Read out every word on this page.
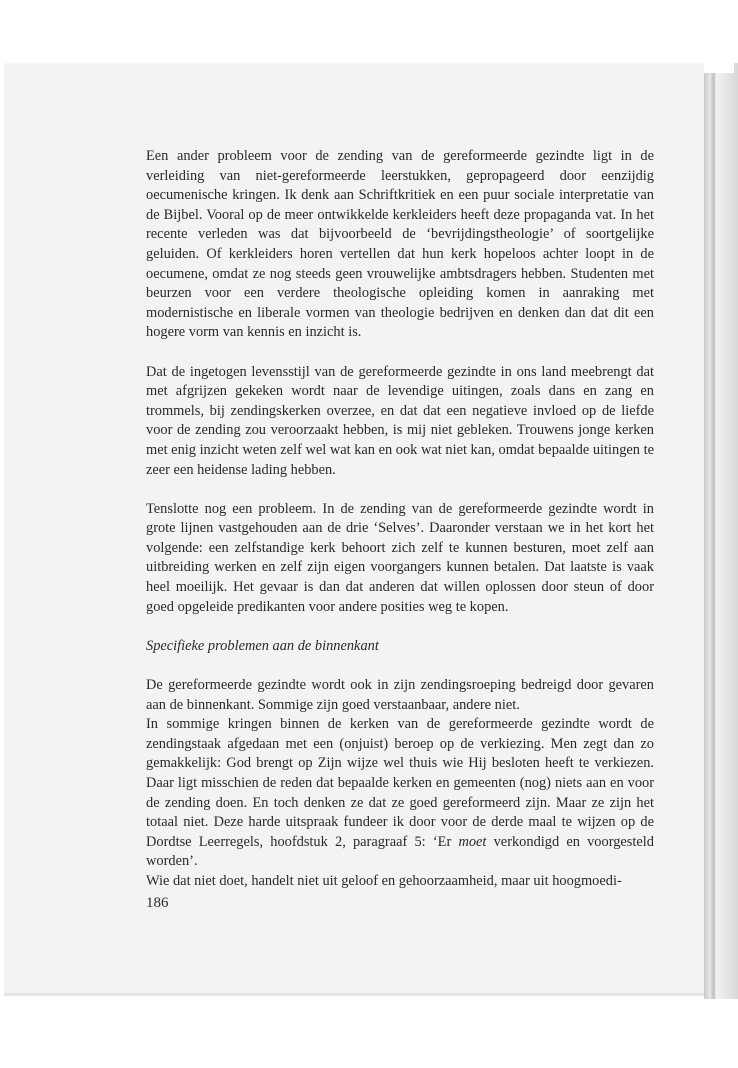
Een ander probleem voor de zending van de gereformeerde gezindte ligt in de verleiding van niet-gereformeerde leerstukken, gepropageerd door eenzijdig oecumenische kringen. Ik denk aan Schriftkritiek en een puur sociale interpretatie van de Bijbel. Vooral op de meer ontwikkelde kerkleiders heeft deze propaganda vat. In het recente verleden was dat bijvoorbeeld de ‘bevrijdingstheologie’ of soortgelijke geluiden. Of kerkleiders horen vertellen dat hun kerk hopeloos achter loopt in de oecumene, omdat ze nog steeds geen vrouwelijke ambtsdragers hebben. Studenten met beurzen voor een verdere theologische opleiding komen in aanraking met modernistische en liberale vormen van theologie bedrijven en denken dan dat dit een hogere vorm van kennis en inzicht is.

Dat de ingetogen levensstijl van de gereformeerde gezindte in ons land meebrengt dat met afgrijzen gekeken wordt naar de levendige uitingen, zoals dans en zang en trommels, bij zendingskerken overzee, en dat dat een negatieve invloed op de liefde voor de zending zou veroorzaakt hebben, is mij niet gebleken. Trouwens jonge kerken met enig inzicht weten zelf wel wat kan en ook wat niet kan, omdat bepaalde uitingen te zeer een heidense lading hebben.

Tenslotte nog een probleem. In de zending van de gereformeerde gezindte wordt in grote lijnen vastgehouden aan de drie ‘Selves’. Daaronder verstaan we in het kort het volgende: een zelfstandige kerk behoort zich zelf te kunnen besturen, moet zelf aan uitbreiding werken en zelf zijn eigen voorgangers kunnen betalen. Dat laatste is vaak heel moeilijk. Het gevaar is dan dat anderen dat willen oplossen door steun of door goed opgeleide predikanten voor andere posities weg te kopen.

Specifieke problemen aan de binnenkant

De gereformeerde gezindte wordt ook in zijn zendingsroeping bedreigd door gevaren aan de binnenkant. Sommige zijn goed verstaanbaar, andere niet.

In sommige kringen binnen de kerken van de gereformeerde gezindte wordt de zendingstaak afgedaan met een (onjuist) beroep op de verkiezing. Men zegt dan zo gemakkelijk: God brengt op Zijn wijze wel thuis wie Hij besloten heeft te verkiezen. Daar ligt misschien de reden dat bepaalde kerken en gemeenten (nog) niets aan en voor de zending doen. En toch denken ze dat ze goed gereformeerd zijn. Maar ze zijn het totaal niet. Deze harde uitspraak fundeer ik door voor de derde maal te wijzen op de Dordtse Leerregels, hoofdstuk 2, paragraaf 5: ‘Er moet verkondigd en voorgesteld worden’.

Wie dat niet doet, handelt niet uit geloof en gehoorzaamheid, maar uit hoogmoedi-

186
